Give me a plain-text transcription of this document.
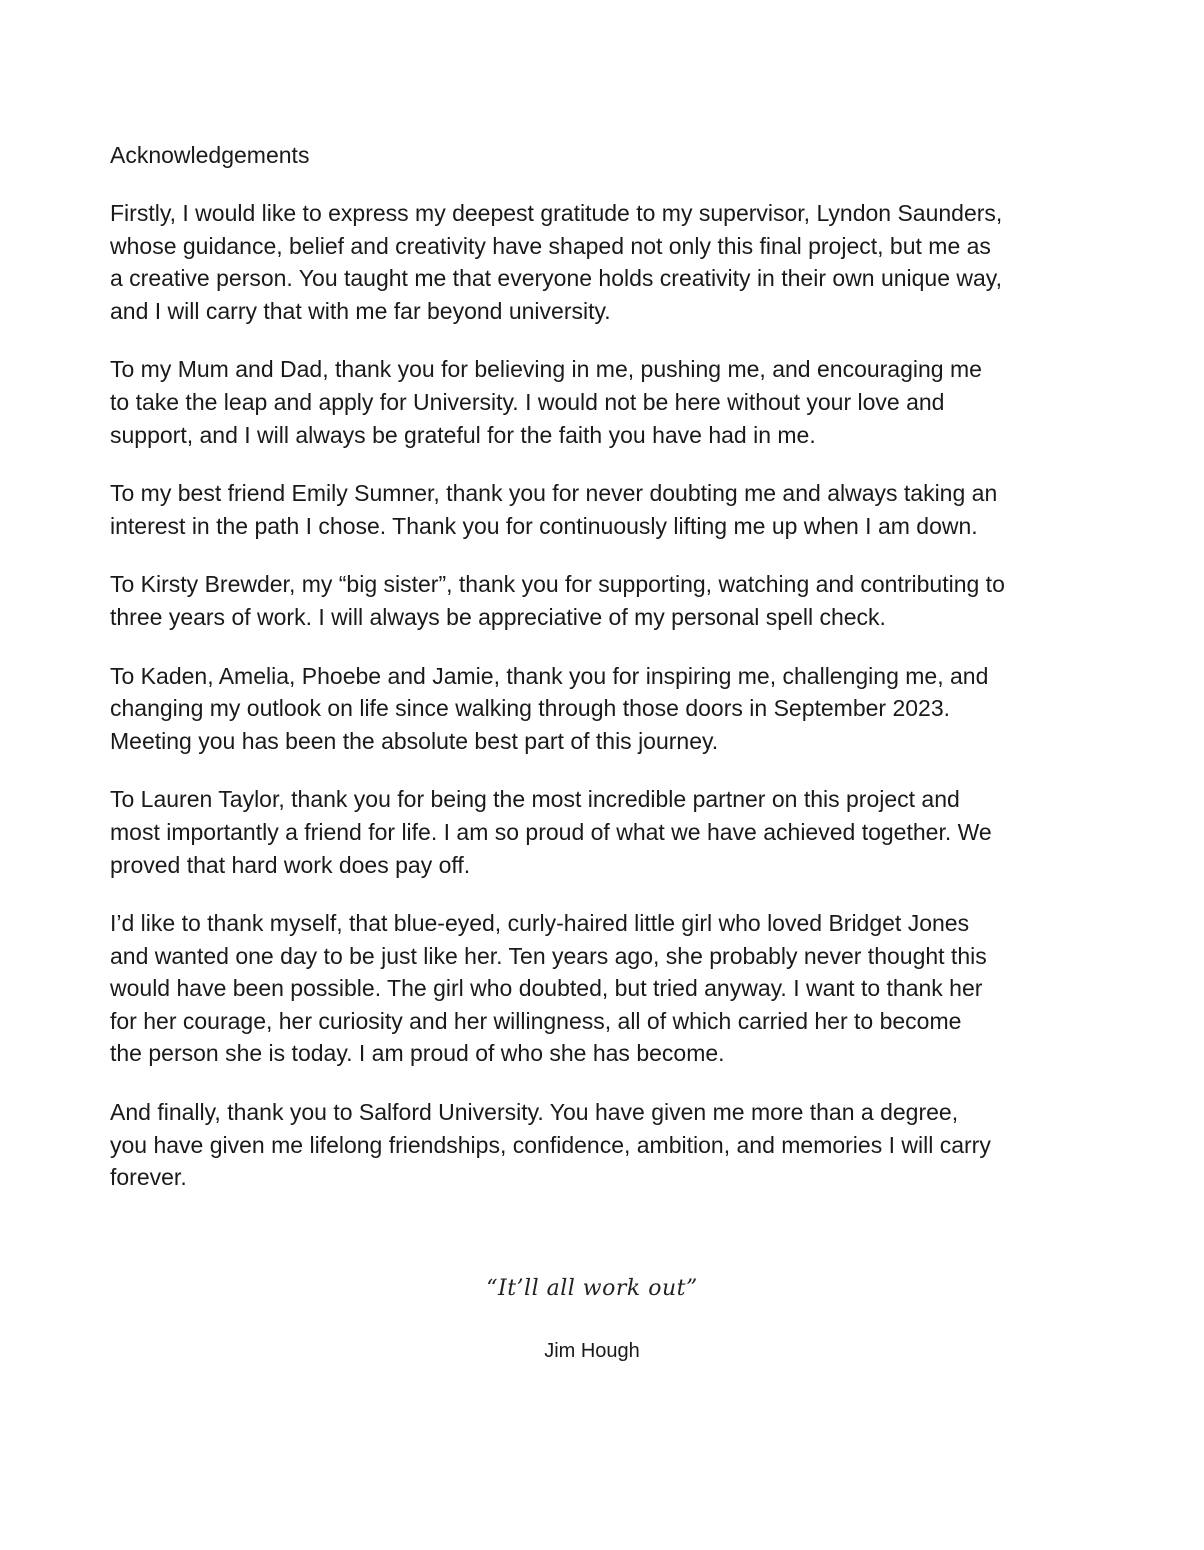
Acknowledgements

Firstly, I would like to express my deepest gratitude to my supervisor, Lyndon Saunders,
whose guidance, belief and creativity have shaped not only this final project, but me as
a creative person. You taught me that everyone holds creativity in their own unique way,
and I will carry that with me far beyond university.

To my Mum and Dad, thank you for believing in me, pushing me, and encouraging me
to take the leap and apply for University. I would not be here without your love and
support, and I will always be grateful for the faith you have had in me.

To my best friend Emily Sumner, thank you for never doubting me and always taking an
interest in the path I chose. Thank you for continuously lifting me up when I am down.

To Kirsty Brewder, my “big sister”, thank you for supporting, watching and contributing to
three years of work. I will always be appreciative of my personal spell check.

To Kaden, Amelia, Phoebe and Jamie, thank you for inspiring me, challenging me, and
changing my outlook on life since walking through those doors in September 2023.
Meeting you has been the absolute best part of this journey.

To Lauren Taylor, thank you for being the most incredible partner on this project and
most importantly a friend for life. I am so proud of what we have achieved together. We
proved that hard work does pay off.

I’d like to thank myself, that blue-eyed, curly-haired little girl who loved Bridget Jones
and wanted one day to be just like her. Ten years ago, she probably never thought this
would have been possible. The girl who doubted, but tried anyway. I want to thank her
for her courage, her curiosity and her willingness, all of which carried her to become
the person she is today. I am proud of who she has become.

And finally, thank you to Salford University. You have given me more than a degree,
you have given me lifelong friendships, confidence, ambition, and memories I will carry
forever.

“It’ll all work out”
Jim Hough
